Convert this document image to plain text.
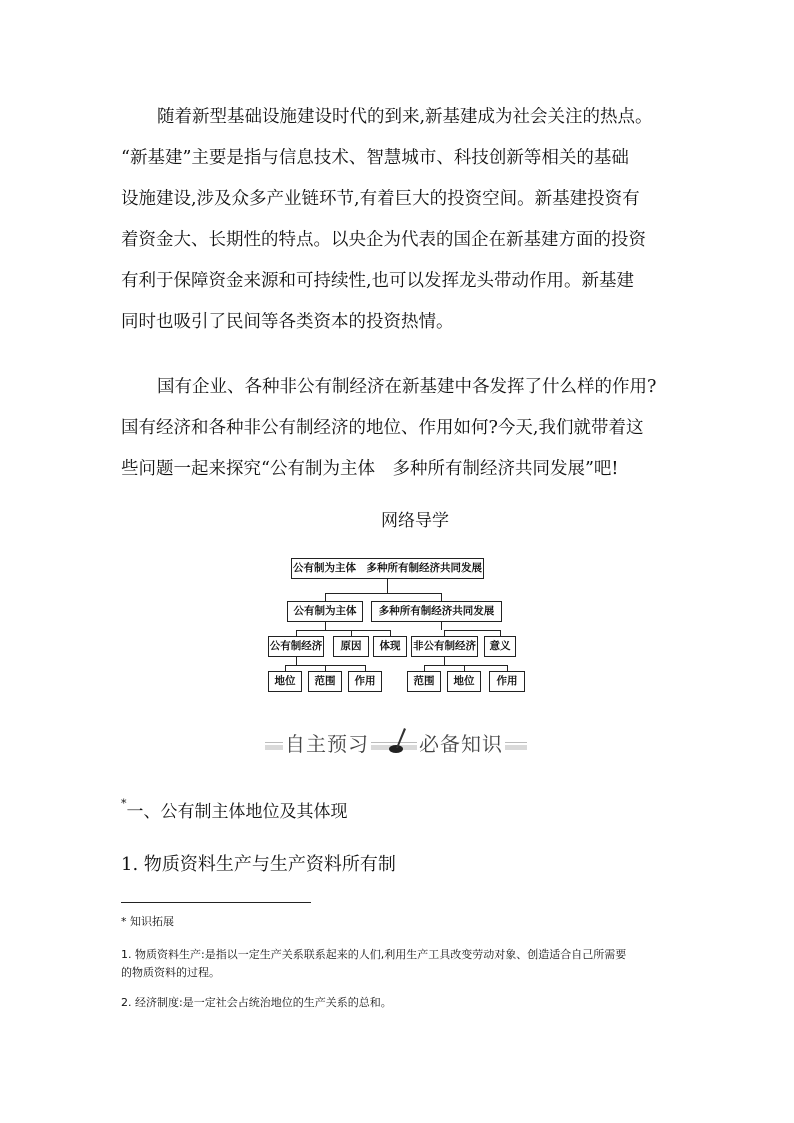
随着新型基础设施建设时代的到来,新基建成为社会关注的热点。
“新基建”主要是指与信息技术、智慧城市、科技创新等相关的基础
设施建设,涉及众多产业链环节,有着巨大的投资空间。新基建投资有
着资金大、长期性的特点。以央企为代表的国企在新基建方面的投资
有利于保障资金来源和可持续性,也可以发挥龙头带动作用。新基建
同时也吸引了民间等各类资本的投资热情。
国有企业、各种非公有制经济在新基建中各发挥了什么样的作用?
国有经济和各种非公有制经济的地位、作用如何?今天,我们就带着这
些问题一起来探究“公有制为主体　多种所有制经济共同发展”吧!
网络导学
公有制为主体　多种所有制经济共同发展
公有制为主体	多种所有制经济共同发展
公有制经济	原因	体现	非公有制经济	意义
地位	范围	作用	范围	地位	作用
自主预习	必备知识
*一、公有制主体地位及其体现
1. 物质资料生产与生产资料所有制
* 知识拓展
1. 物质资料生产:是指以一定生产关系联系起来的人们,利用生产工具改变劳动对象、创造适合自己所需要
的物质资料的过程。
2. 经济制度:是一定社会占统治地位的生产关系的总和。
